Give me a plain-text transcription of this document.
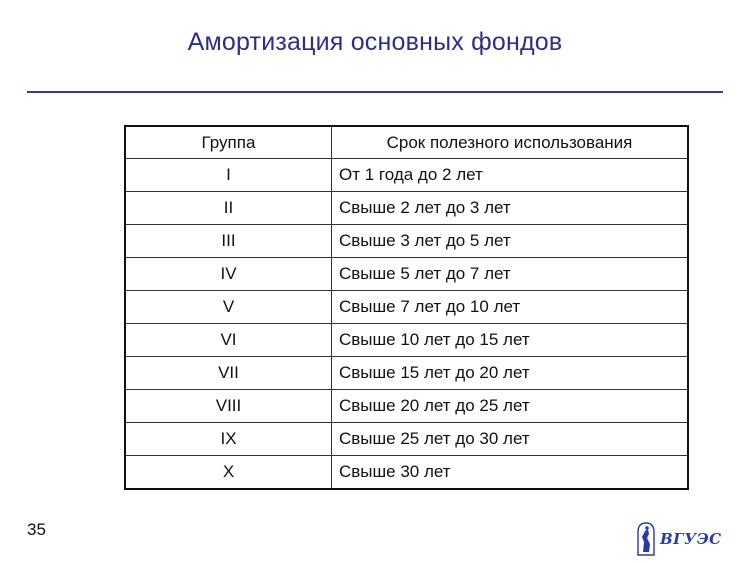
Амортизация основных фондов
Группа	Срок полезного использования
I	От 1 года до 2 лет
II	Свыше 2 лет до 3 лет
III	Свыше 3 лет до 5 лет
IV	Свыше 5 лет до 7 лет
V	Свыше 7 лет до 10 лет
VI	Свыше 10 лет до 15 лет
VII	Свыше 15 лет до 20 лет
VIII	Свыше 20 лет до 25 лет
IX	Свыше 25 лет до 30 лет
X	Свыше 30 лет
35	ВГУЭС
